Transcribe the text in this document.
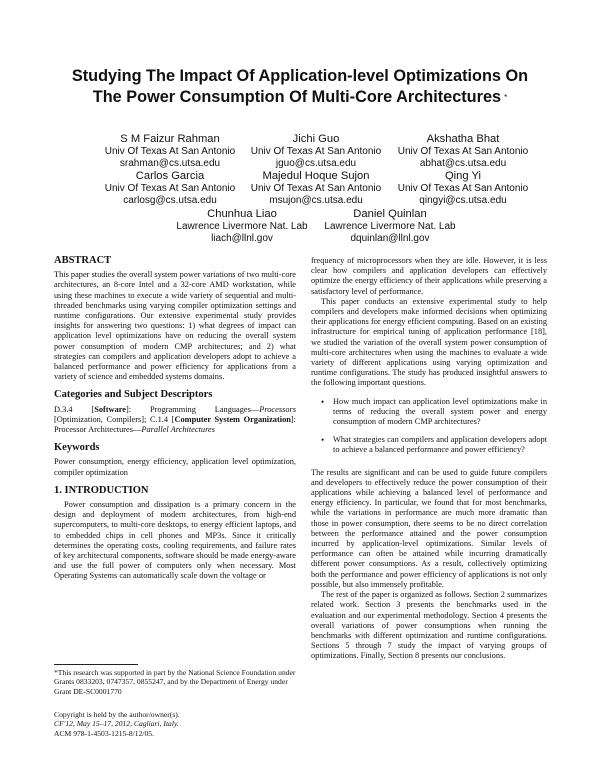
Studying The Impact Of Application-level Optimizations On
The Power Consumption Of Multi-Core Architectures *
S M Faizur Rahman
Univ Of Texas At San Antonio
srahman@cs.utsa.edu
Jichi Guo
Univ Of Texas At San Antonio
jguo@cs.utsa.edu
Akshatha Bhat
Univ Of Texas At San Antonio
abhat@cs.utsa.edu
Carlos Garcia
Univ Of Texas At San Antonio
carlosg@cs.utsa.edu
Majedul Hoque Sujon
Univ Of Texas At San Antonio
msujon@cs.utsa.edu
Qing Yi
Univ Of Texas At San Antonio
qingyi@cs.utsa.edu
Chunhua Liao
Lawrence Livermore Nat. Lab
liach@llnl.gov
Daniel Quinlan
Lawrence Livermore Nat. Lab
dquinlan@llnl.gov
ABSTRACT

This paper studies the overall system power variations of two multi-core architectures, an 8-core Intel and a 32-core AMD workstation, while using these machines to execute a wide variety of sequential and multi-threaded benchmarks using varying compiler optimization settings and runtime configurations. Our extensive experimental study provides insights for answering two questions: 1) what degrees of impact can application level optimizations have on reducing the overall system power consumption of modern CMP architectures; and 2) what strategies can compilers and application developers adopt to achieve a balanced performance and power efficiency for applications from a variety of science and embedded systems domains.

Categories and Subject Descriptors

D.3.4 [Software]: Programming Languages—Processors [Optimization, Compilers]; C.1.4 [Computer System Organization]: Processor Architectures—Parallel Architectures

Keywords

Power consumption, energy efficiency, application level optimization, compiler optimization

1. INTRODUCTION

Power consumption and dissipation is a primary concern in the design and deployment of modern architectures, from high-end supercomputers, to multi-core desktops, to energy efficient laptops, and to embedded chips in cell phones and MP3s. Since it critically determines the operating costs, cooling requirements, and failure rates of key architectural components, software should be made energy-aware and use the full power of computers only when necessary. Most Operating Systems can automatically scale down the voltage or

*This research was supported in part by the National Science Foundation under Grants 0833203, 0747357, 0855247, and by the Department of Energy under Grant DE-SC0001770

Copyright is held by the author/owner(s).
CF'12, May 15–17, 2012, Cagliari, Italy.
ACM 978-1-4503-1215-8/12/05.

frequency of microprocessors when they are idle. However, it is less clear how compilers and application developers can effectively optimize the energy efficiency of their applications while preserving a satisfactory level of performance.

This paper conducts an extensive experimental study to help compilers and developers make informed decisions when optimizing their applications for energy efficient computing. Based on an existing infrastructure for empirical tuning of application performance [18], we studied the variation of the overall system power consumption of multi-core architectures when using the machines to evaluate a wide variety of different applications using varying optimization and runtime configurations. The study has produced insightful answers to the following important questions.

•	How much impact can application level optimizations make in terms of reducing the overall system power and energy consumption of modern CMP architectures?
•	What strategies can compilers and application developers adopt to achieve a balanced performance and power efficiency?

The results are significant and can be used to guide future compilers and developers to effectively reduce the power consumption of their applications while achieving a balanced level of performance and energy efficiency. In particular, we found that for most benchmarks, while the variations in performance are much more dramatic than those in power consumption, there seems to be no direct correlation between the performance attained and the power consumption incurred by application-level optimizations. Similar levels of performance can often be attained while incurring dramatically different power consumptions. As a result, collectively optimizing both the performance and power efficiency of applications is not only possible, but also immensely profitable.

The rest of the paper is organized as follows. Section 2 summarizes related work. Section 3 presents the benchmarks used in the evaluation and our experimental methodology. Section 4 presents the overall variations of power consumptions when running the benchmarks with different optimization and runtime configurations. Sections 5 through 7 study the impact of varying groups of optimizations. Finally, Section 8 presents our conclusions.
